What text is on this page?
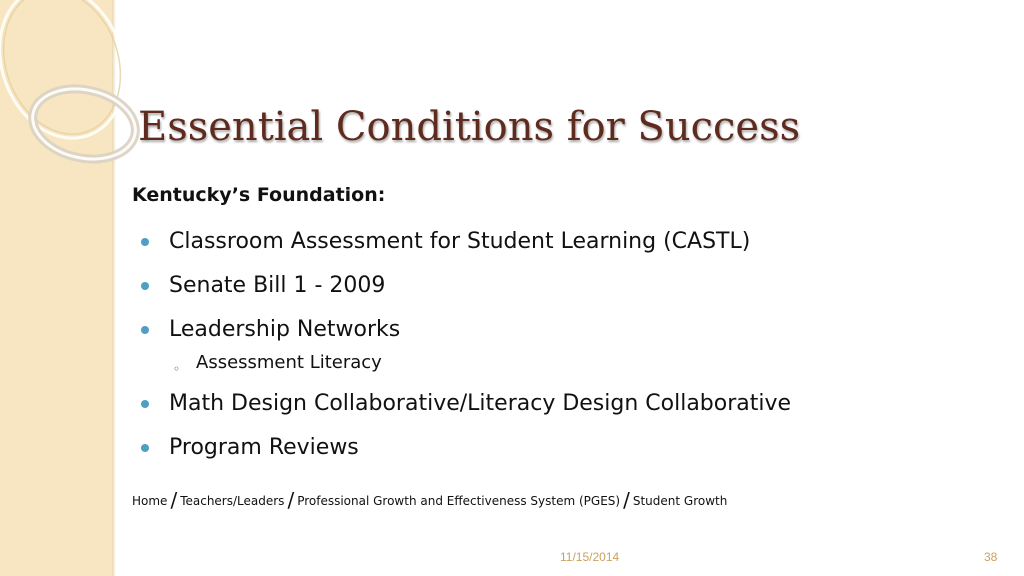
Essential Conditions for Success
Kentucky’s Foundation:
Classroom Assessment for Student Learning (CASTL)
Senate Bill 1 - 2009
Leadership Networks
◦ Assessment Literacy
Math Design Collaborative/Literacy Design Collaborative
Program Reviews
Home / Teachers/Leaders / Professional Growth and Effectiveness System (PGES) / Student Growth
11/15/2014	38
